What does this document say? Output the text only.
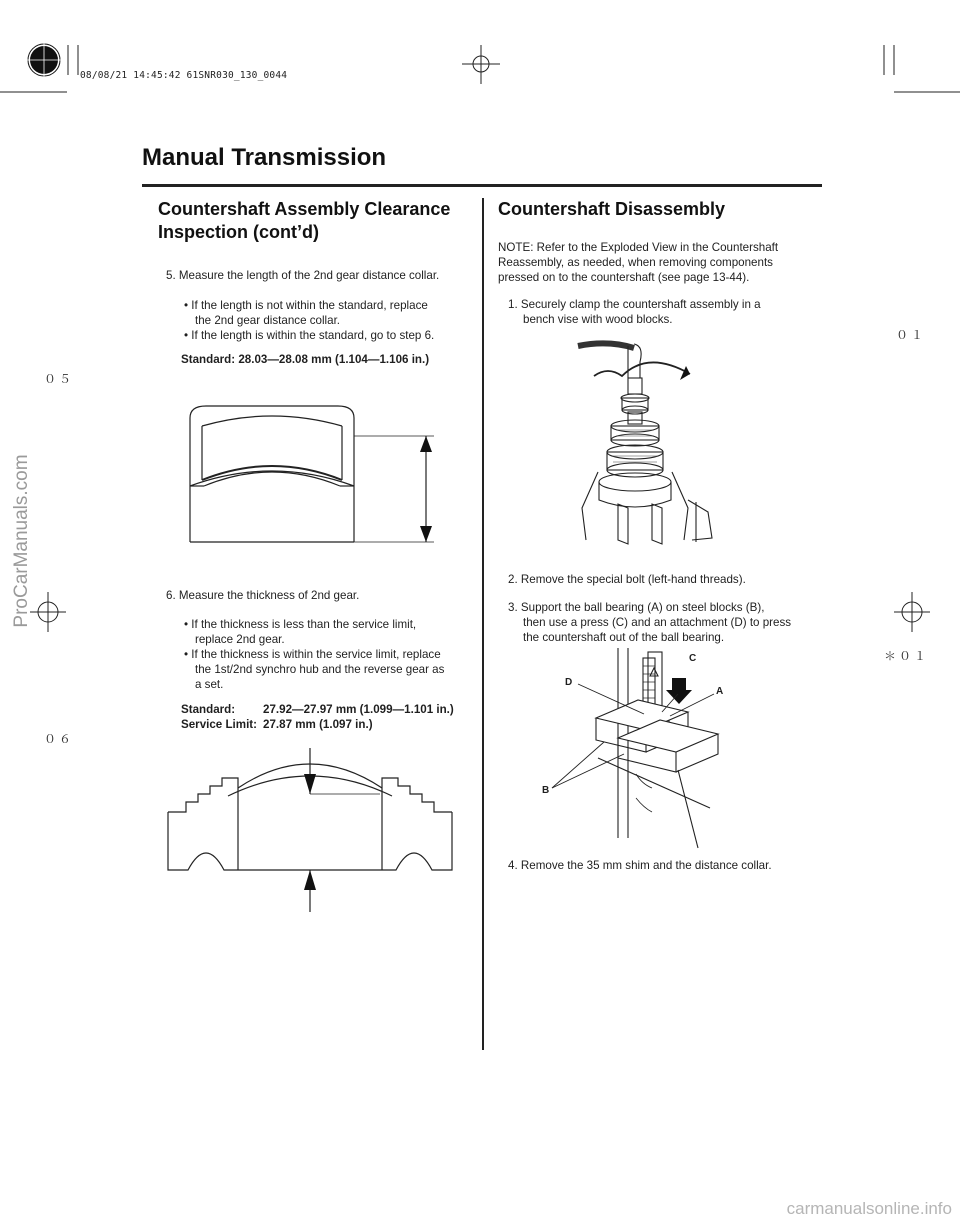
08/08/21 14:45:42 61SNR030_130_0044
Manual Transmission
Countershaft Assembly Clearance
Inspection (cont’d)
Countershaft Disassembly
5. Measure the length of the 2nd gear distance collar.
• If the length is not within the standard, replace
the 2nd gear distance collar.
• If the length is within the standard, go to step 6.
Standard: 28.03—28.08 mm (1.104—1.106 in.)
6. Measure the thickness of 2nd gear.
• If the thickness is less than the service limit,
replace 2nd gear.
• If the thickness is within the service limit, replace
the 1st/2nd synchro hub and the reverse gear as
a set.
Standard: 27.92—27.97 mm (1.099—1.101 in.)
Service Limit: 27.87 mm (1.097 in.)
NOTE: Refer to the Exploded View in the Countershaft
Reassembly, as needed, when removing components
pressed on to the countershaft (see page 13-44).
1. Securely clamp the countershaft assembly in a
bench vise with wood blocks.
2. Remove the special bolt (left-hand threads).
3. Support the ball bearing (A) on steel blocks (B),
then use a press (C) and an attachment (D) to press
the countershaft out of the ball bearing.
C
D
A
B
4. Remove the 35 mm shim and the distance collar.
０１
０５
＊０１
０６
ProCarManuals.com
carmanualsonline.info
